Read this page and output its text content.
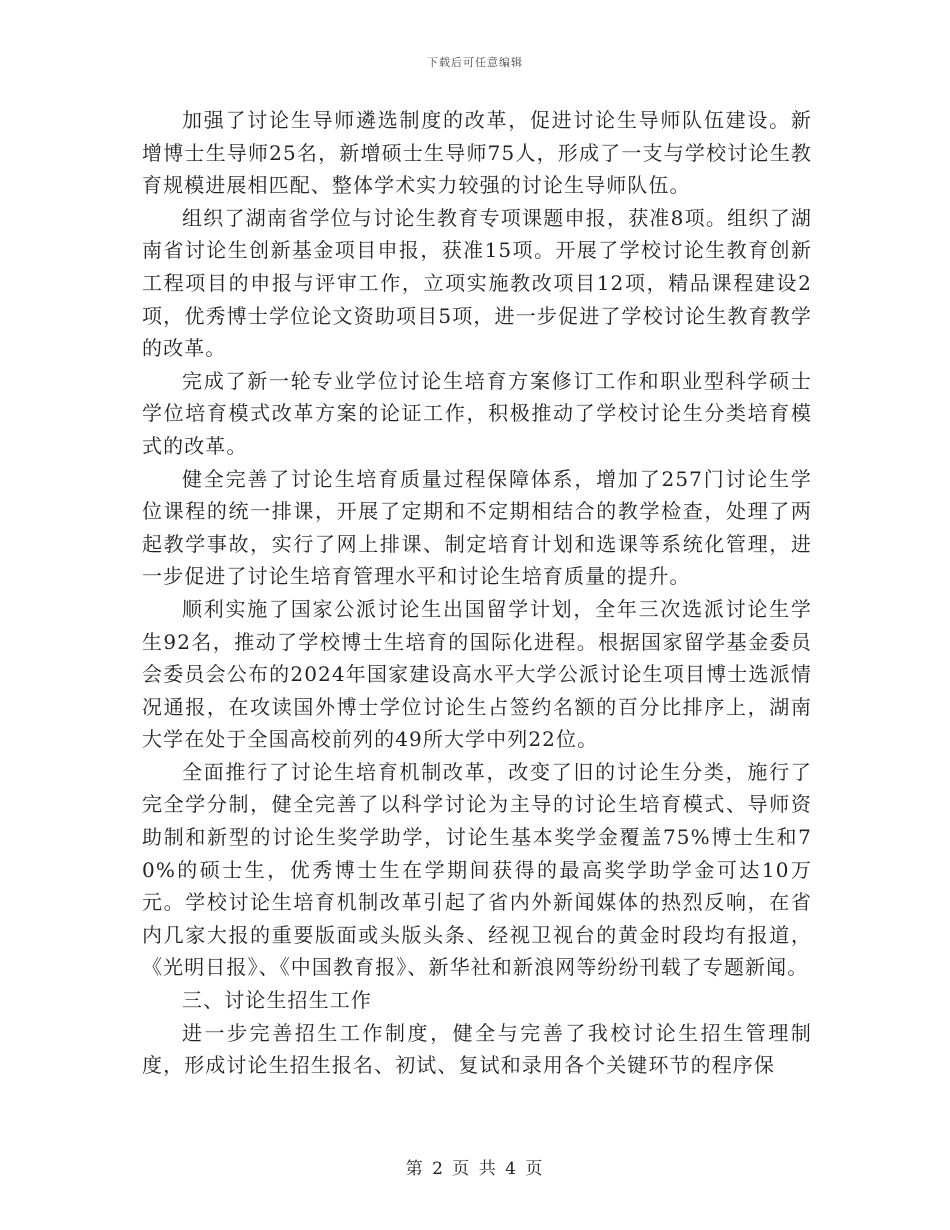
下载后可任意编辑

加强了讨论生导师遴选制度的改革，促进讨论生导师队伍建设。新增博士生导师25名，新增硕士生导师75人，形成了一支与学校讨论生教育规模进展相匹配、整体学术实力较强的讨论生导师队伍。

组织了湖南省学位与讨论生教育专项课题申报，获准8项。组织了湖南省讨论生创新基金项目申报，获准15项。开展了学校讨论生教育创新工程项目的申报与评审工作，立项实施教改项目12项，精品课程建设2项，优秀博士学位论文资助项目5项，进一步促进了学校讨论生教育教学的改革。

完成了新一轮专业学位讨论生培育方案修订工作和职业型科学硕士学位培育模式改革方案的论证工作，积极推动了学校讨论生分类培育模式的改革。

健全完善了讨论生培育质量过程保障体系，增加了257门讨论生学位课程的统一排课，开展了定期和不定期相结合的教学检查，处理了两起教学事故，实行了网上排课、制定培育计划和选课等系统化管理，进一步促进了讨论生培育管理水平和讨论生培育质量的提升。

顺利实施了国家公派讨论生出国留学计划，全年三次选派讨论生学生92名，推动了学校博士生培育的国际化进程。根据国家留学基金委员会委员会公布的2024年国家建设高水平大学公派讨论生项目博士选派情况通报，在攻读国外博士学位讨论生占签约名额的百分比排序上，湖南大学在处于全国高校前列的49所大学中列22位。

全面推行了讨论生培育机制改革，改变了旧的讨论生分类，施行了完全学分制，健全完善了以科学讨论为主导的讨论生培育模式、导师资助制和新型的讨论生奖学助学，讨论生基本奖学金覆盖75%博士生和70%的硕士生，优秀博士生在学期间获得的最高奖学助学金可达10万元。学校讨论生培育机制改革引起了省内外新闻媒体的热烈反响，在省内几家大报的重要版面或头版头条、经视卫视台的黄金时段均有报道，《光明日报》、《中国教育报》、新华社和新浪网等纷纷刊载了专题新闻。

三、讨论生招生工作

进一步完善招生工作制度，健全与完善了我校讨论生招生管理制度，形成讨论生招生报名、初试、复试和录用各个关键环节的程序保

第 2 页 共 4 页
